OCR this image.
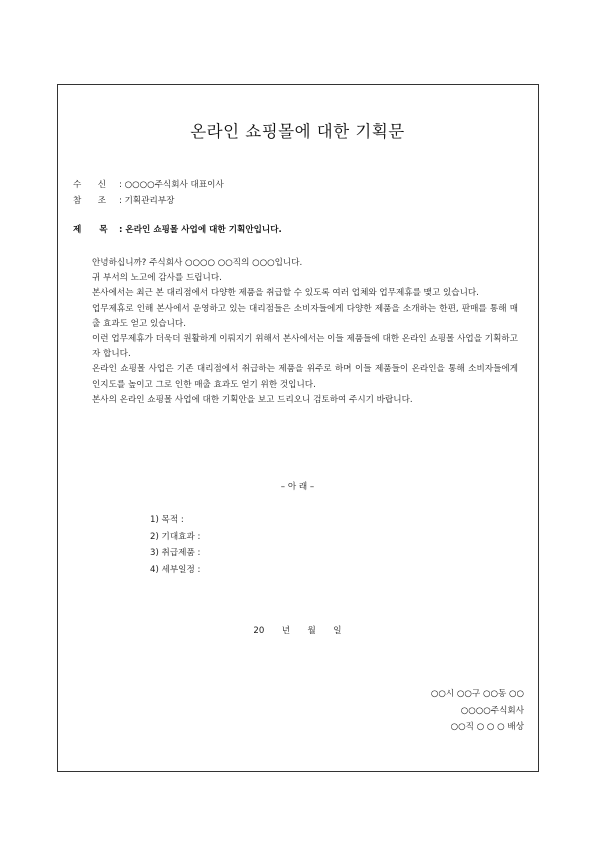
온라인 쇼핑몰에 대한 기획문
수      신 : ○○○○주식회사 대표이사
참      조 : 기획관리부장
제      목 : 온라인 쇼핑몰 사업에 대한 기획안입니다.

안녕하십니까? 주식회사 ○○○○ ○○직의 ○○○입니다.

귀 부서의 노고에 감사를 드립니다.

본사에서는 최근 본 대리점에서 다양한 제품을 취급할 수 있도록 여러 업체와 업무제휴를 맺고 있습니다.

업무제휴로 인해 본사에서 운영하고 있는 대리점들은 소비자들에게 다양한 제품을 소개하는 한편, 판매를 통해 매출 효과도 얻고 있습니다.

이런 업무제휴가 더욱더 원활하게 이뤄지기 위해서 본사에서는 이들 제품들에 대한 온라인 쇼핑몰 사업을 기획하고자 합니다.

온라인 쇼핑몰 사업은 기존 대리점에서 취급하는 제품을 위주로 하며 이들 제품들이 온라인을 통해 소비자들에게 인지도를 높이고 그로 인한 매출 효과도 얻기 위한 것입니다.

본사의 온라인 쇼핑몰 사업에 대한 기획안을 보고 드리오니 검토하여 주시기 바랍니다.

– 아 래 –
1) 목적 :
2) 기대효과 :
3) 취급제품 :
4) 세부일정 :
20  년  월  일
○○시 ○○구 ○○동 ○○
○○○○주식회사
○○직 ○ ○ ○ 배상
